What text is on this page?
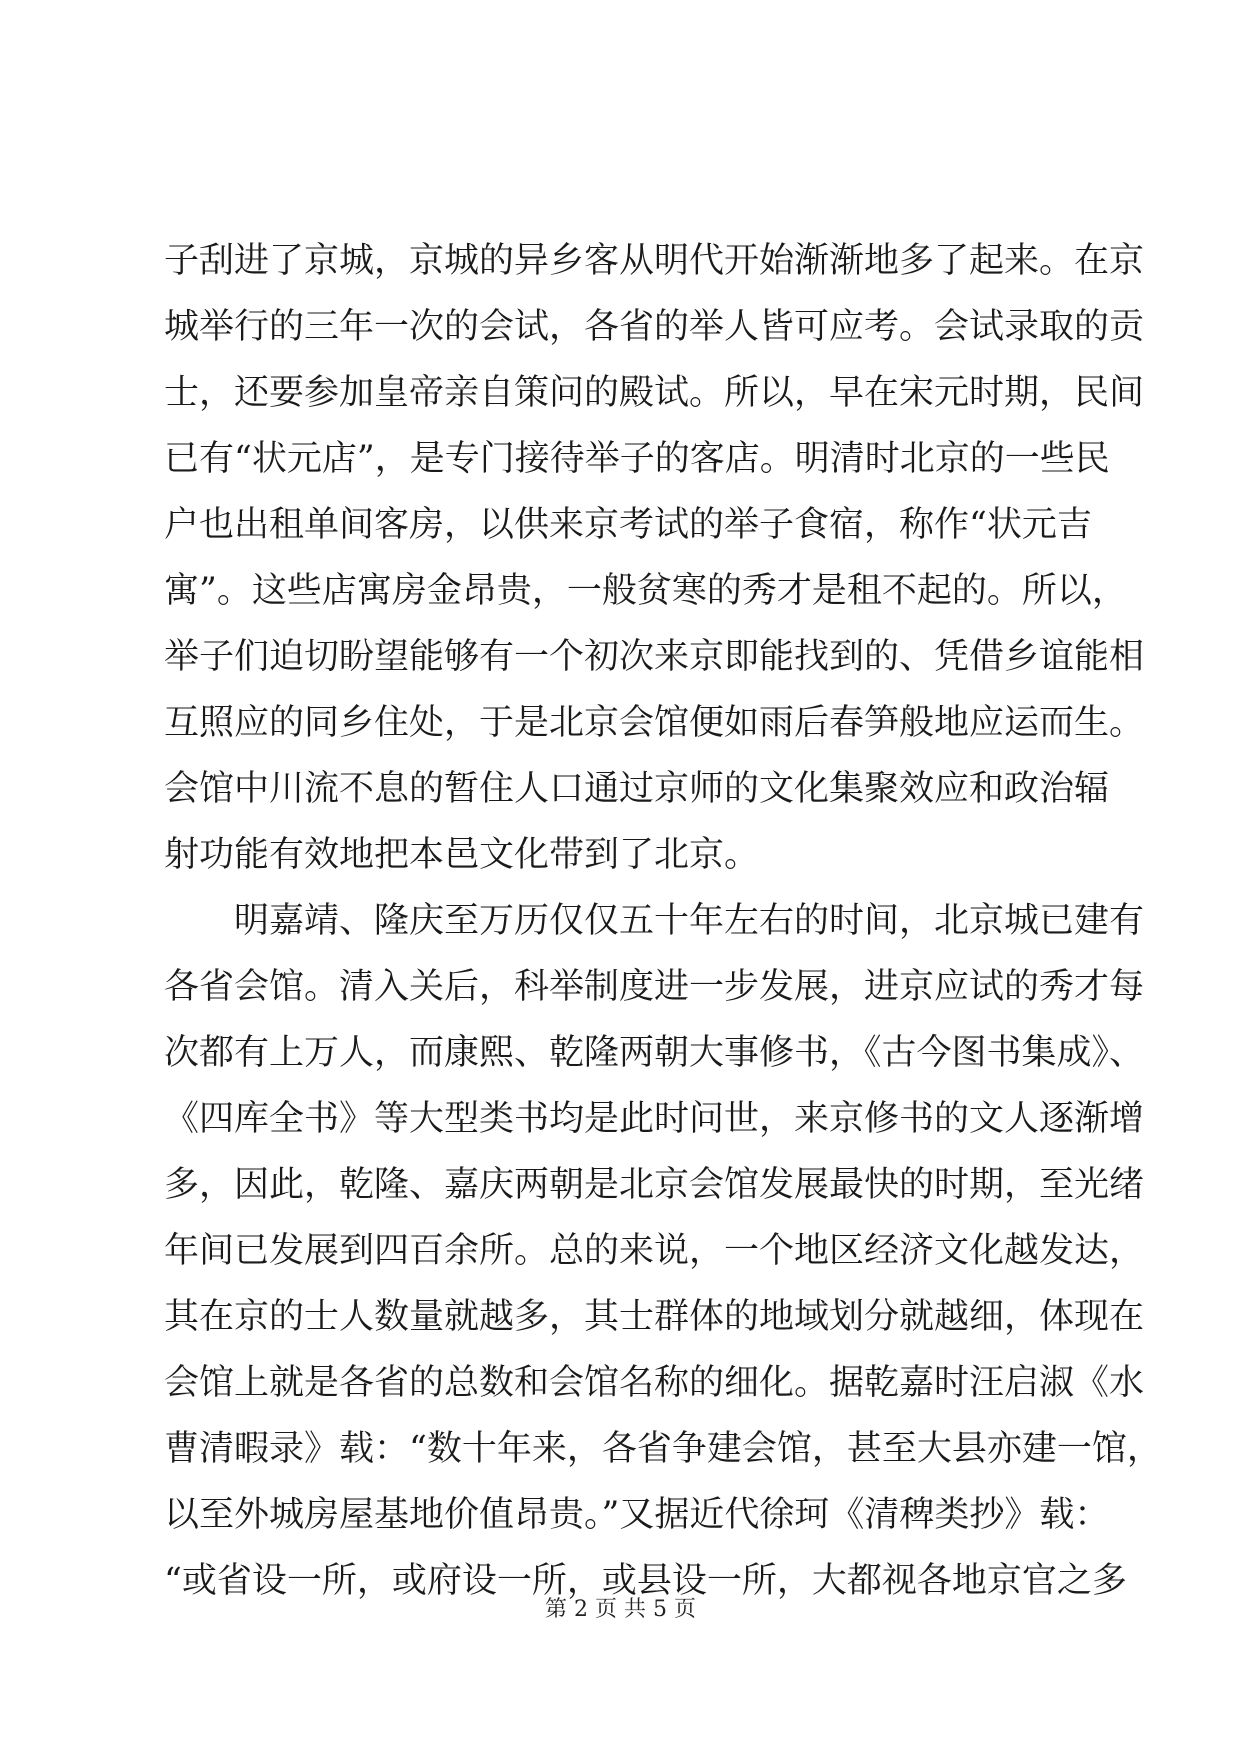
子刮进了京城，京城的异乡客从明代开始渐渐地多了起来。在京
城举行的三年一次的会试，各省的举人皆可应考。会试录取的贡
士，还要参加皇帝亲自策问的殿试。所以，早在宋元时期，民间
已有“状元店”，是专门接待举子的客店。明清时北京的一些民
户也出租单间客房，以供来京考试的举子食宿，称作“状元吉
寓”。这些店寓房金昂贵，一般贫寒的秀才是租不起的。所以，
举子们迫切盼望能够有一个初次来京即能找到的、凭借乡谊能相
互照应的同乡住处，于是北京会馆便如雨后春笋般地应运而生。
会馆中川流不息的暂住人口通过京师的文化集聚效应和政治辐
射功能有效地把本邑文化带到了北京。
　　明嘉靖、隆庆至万历仅仅五十年左右的时间，北京城已建有
各省会馆。清入关后，科举制度进一步发展，进京应试的秀才每
次都有上万人，而康熙、乾隆两朝大事修书，《古今图书集成》、
《四库全书》等大型类书均是此时问世，来京修书的文人逐渐增
多，因此，乾隆、嘉庆两朝是北京会馆发展最快的时期，至光绪
年间已发展到四百余所。总的来说，一个地区经济文化越发达，
其在京的士人数量就越多，其士群体的地域划分就越细，体现在
会馆上就是各省的总数和会馆名称的细化。据乾嘉时汪启淑《水
曹清暇录》载：“数十年来，各省争建会馆，甚至大县亦建一馆，
以至外城房屋基地价值昂贵。”又据近代徐珂《清稗类抄》载：
“或省设一所，或府设一所，或县设一所，大都视各地京官之多
第 2 页 共 5 页
